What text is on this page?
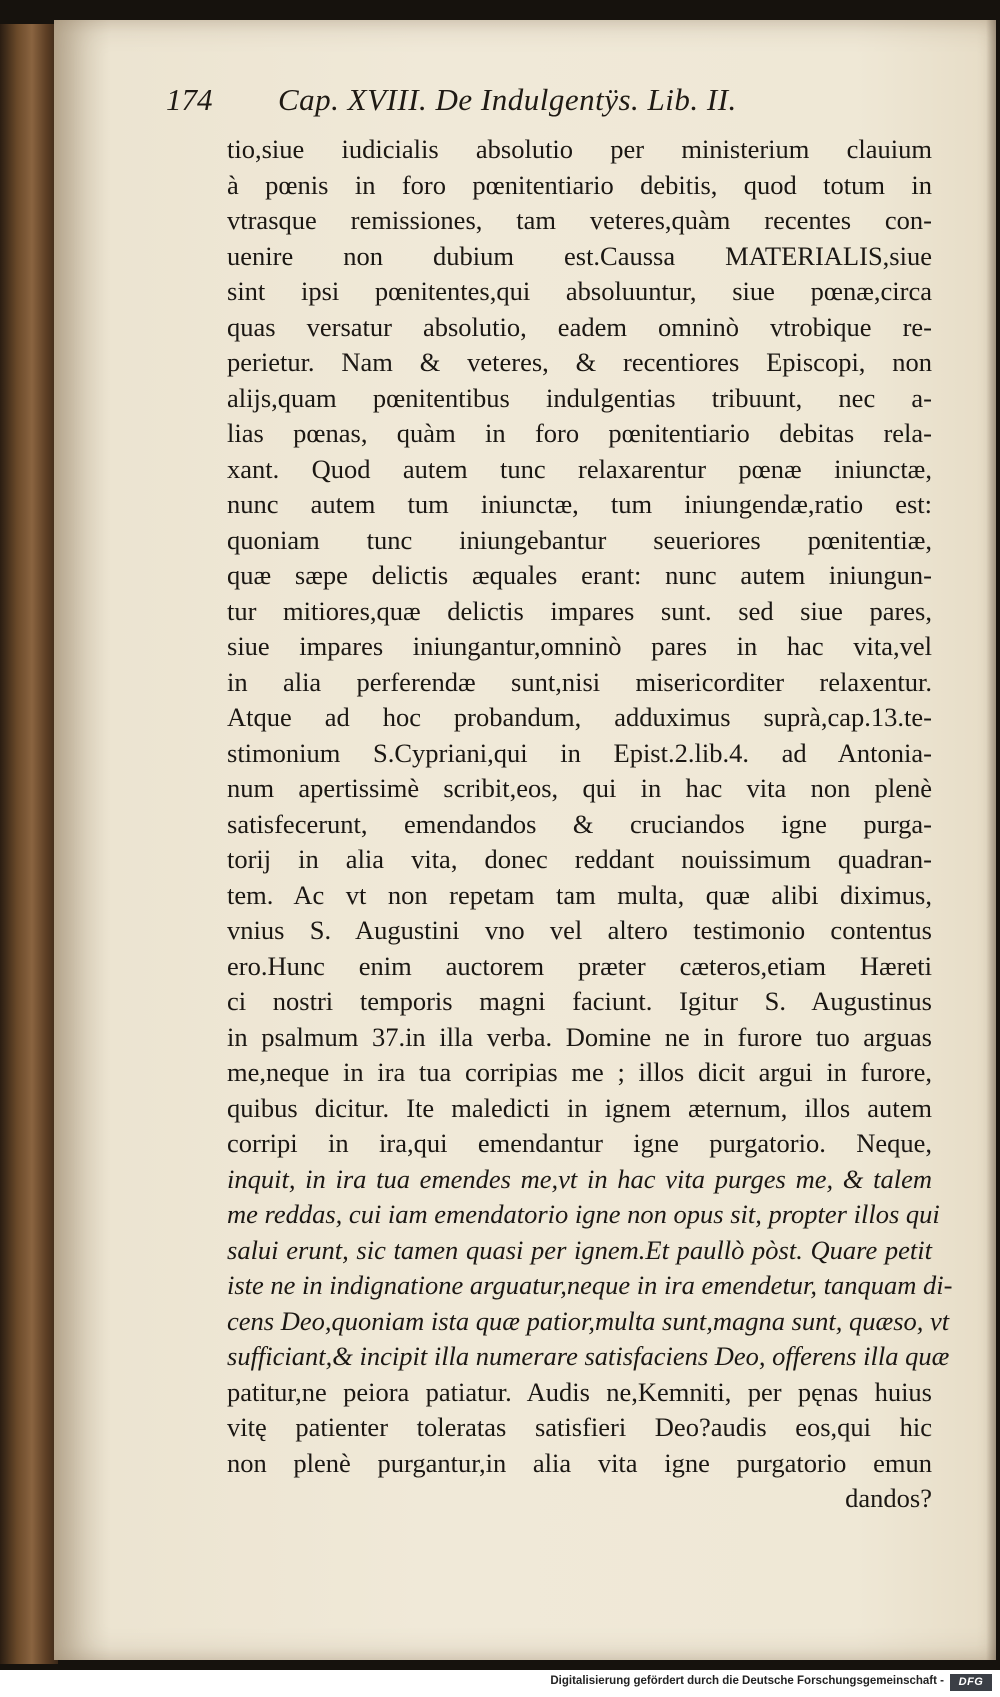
174 Cap. XVIII. De Indulgentÿs. Lib. II.
tio,siue iudicialis absolutio per ministerium clauium
à pœnis in foro pœnitentiario debitis, quod totum in
vtrasque remissiones, tam veteres,quàm recentes con-
uenire non dubium est.Caussa MATERIALIS,siue
sint ipsi pœnitentes,qui absoluuntur, siue pœnæ,circa
quas versatur absolutio, eadem omninò vtrobique re-
perietur. Nam & veteres, & recentiores Episcopi, non
alijs,quam pœnitentibus indulgentias tribuunt, nec a-
lias pœnas, quàm in foro pœnitentiario debitas rela-
xant. Quod autem tunc relaxarentur pœnæ iniunctæ,
nunc autem tum iniunctæ, tum iniungendæ,ratio est:
quoniam tunc iniungebantur seueriores pœnitentiæ,
quæ sæpe delictis æquales erant: nunc autem iniungun-
tur mitiores,quæ delictis impares sunt. sed siue pares,
siue impares iniungantur,omninò pares in hac vita,vel
in alia perferendæ sunt,nisi misericorditer relaxentur.
Atque ad hoc probandum, adduximus suprà,cap.13.te-
stimonium S.Cypriani,qui in Epist.2.lib.4. ad Antonia-
num apertissimè scribit,eos, qui in hac vita non plenè
satisfecerunt, emendandos & cruciandos igne purga-
torij in alia vita, donec reddant nouissimum quadran-
tem. Ac vt non repetam tam multa, quæ alibi diximus,
vnius S. Augustini vno vel altero testimonio contentus
ero.Hunc enim auctorem præter cæteros,etiam Hæreti
ci nostri temporis magni faciunt. Igitur S. Augustinus
in psalmum 37.in illa verba. Domine ne in furore tuo arguas
me,neque in ira tua corripias me ; illos dicit argui in furore,
quibus dicitur. Ite maledicti in ignem æternum, illos autem
corripi in ira,qui emendantur igne purgatorio. Neque,
inquit, in ira tua emendes me,vt in hac vita purges me, & talem
me reddas, cui iam emendatorio igne non opus sit, propter illos qui
salui erunt, sic tamen quasi per ignem.Et paullò pòst. Quare petit
iste ne in indignatione arguatur,neque in ira emendetur, tanquam di-
cens Deo,quoniam ista quæ patior,multa sunt,magna sunt, quæso, vt
sufficiant,& incipit illa numerare satisfaciens Deo, offerens illa quæ
patitur,ne peiora patiatur. Audis ne,Kemniti, per pęnas huius
vitę patienter toleratas satisfieri Deo?audis eos,qui hic
non plenè purgantur,in alia vita igne purgatorio emun
dandos?
Digitalisierung gefördert durch die Deutsche Forschungsgemeinschaft -	DFG
